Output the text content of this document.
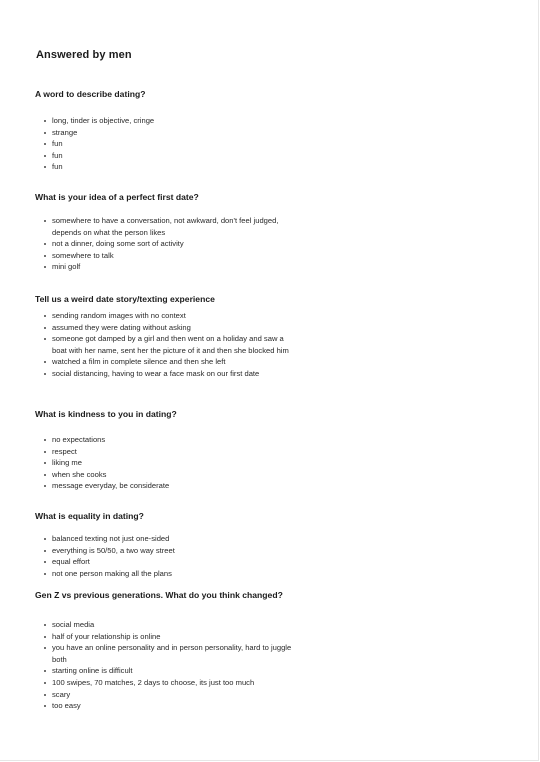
Answered by men
A word to describe dating?
long, tinder is objective, cringe
strange
fun
fun
fun
What is your idea of a perfect first date?
somewhere to have a conversation, not awkward, don't feel judged, depends on what the person likes
not a dinner, doing some sort of activity
somewhere to talk
mini golf
Tell us a weird date story/texting experience
sending random images with no context
assumed they were dating without asking
someone got damped by a girl and then went on a holiday and saw a boat with her name, sent her the picture of it and then she blocked him
watched a film in complete silence and then she left
social distancing, having to wear a face mask on our first date
What is kindness to you in dating?
no expectations
respect
liking me
when she cooks
message everyday, be considerate
What is equality in dating?
balanced texting not just one-sided
everything is 50/50, a two way street
equal effort
not one person making all the plans
Gen Z vs previous generations. What do you think changed?
social media
half of your relationship is online
you have an online personality and in person personality, hard to juggle both
starting online is difficult
100 swipes, 70 matches, 2 days to choose, its just too much
scary
too easy
